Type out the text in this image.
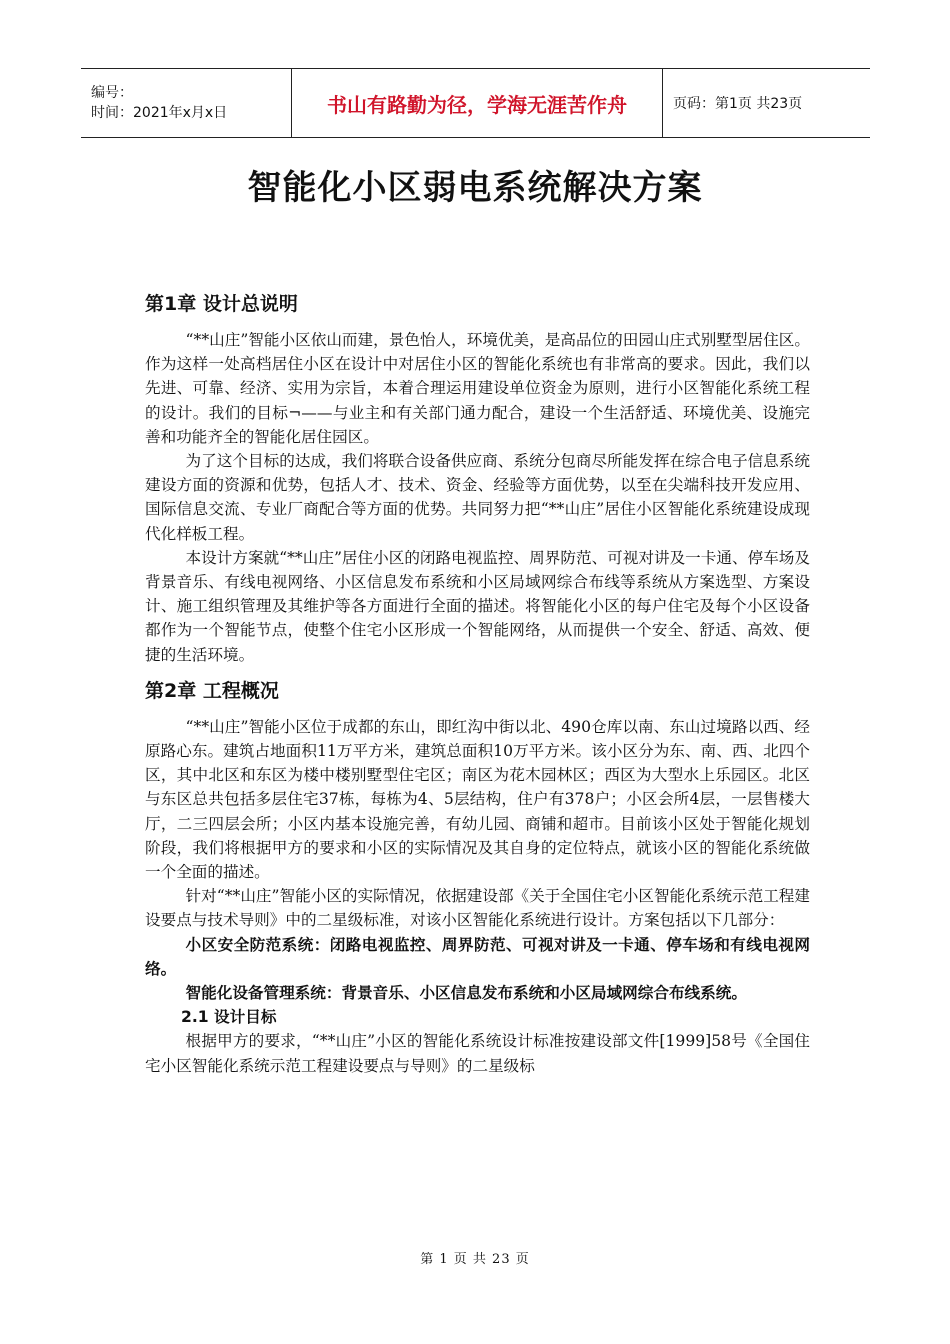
编号：
时间：2021年x月x日	书山有路勤为径，学海无涯苦作舟	页码：第1页 共23页
智能化小区弱电系统解决方案
第1章 设计总说明

“**山庄”智能小区依山而建，景色怡人，环境优美，是高品位的田园山庄式别墅型居住区。作为这样一处高档居住小区在设计中对居住小区的智能化系统也有非常高的要求。因此，我们以先进、可靠、经济、实用为宗旨，本着合理运用建设单位资金为原则，进行小区智能化系统工程的设计。我们的目标¬——与业主和有关部门通力配合，建设一个生活舒适、环境优美、设施完善和功能齐全的智能化居住园区。

为了这个目标的达成，我们将联合设备供应商、系统分包商尽所能发挥在综合电子信息系统建设方面的资源和优势，包括人才、技术、资金、经验等方面优势，以至在尖端科技开发应用、国际信息交流、专业厂商配合等方面的优势。共同努力把“**山庄”居住小区智能化系统建设成现代化样板工程。

本设计方案就“**山庄”居住小区的闭路电视监控、周界防范、可视对讲及一卡通、停车场及背景音乐、有线电视网络、小区信息发布系统和小区局域网综合布线等系统从方案选型、方案设计、施工组织管理及其维护等各方面进行全面的描述。将智能化小区的每户住宅及每个小区设备都作为一个智能节点，使整个住宅小区形成一个智能网络，从而提供一个安全、舒适、高效、便捷的生活环境。

第2章 工程概况

“**山庄”智能小区位于成都的东山，即红沟中街以北、490仓库以南、东山过境路以西、经原路心东。建筑占地面积11万平方米，建筑总面积10万平方米。该小区分为东、南、西、北四个区，其中北区和东区为楼中楼别墅型住宅区；南区为花木园林区；西区为大型水上乐园区。北区与东区总共包括多层住宅37栋，每栋为4、5层结构，住户有378户；小区会所4层，一层售楼大厅，二三四层会所；小区内基本设施完善，有幼儿园、商铺和超市。目前该小区处于智能化规划阶段，我们将根据甲方的要求和小区的实际情况及其自身的定位特点，就该小区的智能化系统做一个全面的描述。

针对“**山庄”智能小区的实际情况，依据建设部《关于全国住宅小区智能化系统示范工程建设要点与技术导则》中的二星级标准，对该小区智能化系统进行设计。方案包括以下几部分：

小区安全防范系统：闭路电视监控、周界防范、可视对讲及一卡通、停车场和有线电视网络。

智能化设备管理系统：背景音乐、小区信息发布系统和小区局域网综合布线系统。

2.1 设计目标

根据甲方的要求，“**山庄”小区的智能化系统设计标准按建设部文件[1999]58号《全国住宅小区智能化系统示范工程建设要点与导则》的二星级标

第 1 页 共 23 页
